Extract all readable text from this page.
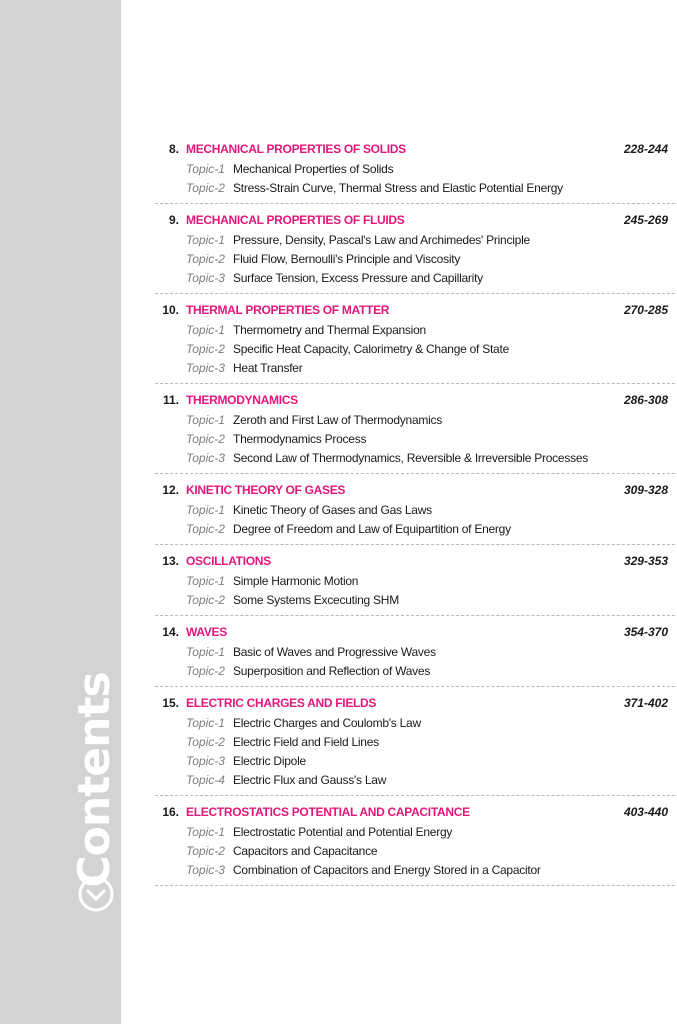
Contents
8. MECHANICAL PROPERTIES OF SOLIDS	228-244
Topic-1 Mechanical Properties of Solids
Topic-2 Stress-Strain Curve, Thermal Stress and Elastic Potential Energy
9. MECHANICAL PROPERTIES OF FLUIDS	245-269
Topic-1 Pressure, Density, Pascal's Law and Archimedes' Principle
Topic-2 Fluid Flow, Bernoulli's Principle and Viscosity
Topic-3 Surface Tension, Excess Pressure and Capillarity
10. THERMAL PROPERTIES OF MATTER	270-285
Topic-1 Thermometry and Thermal Expansion
Topic-2 Specific Heat Capacity, Calorimetry & Change of State
Topic-3 Heat Transfer
11. THERMODYNAMICS	286-308
Topic-1 Zeroth and First Law of Thermodynamics
Topic-2 Thermodynamics Process
Topic-3 Second Law of Thermodynamics, Reversible & Irreversible Processes
12. KINETIC THEORY OF GASES	309-328
Topic-1 Kinetic Theory of Gases and Gas Laws
Topic-2 Degree of Freedom and Law of Equipartition of Energy
13. OSCILLATIONS	329-353
Topic-1 Simple Harmonic Motion
Topic-2 Some Systems Excecuting SHM
14. WAVES	354-370
Topic-1 Basic of Waves and Progressive Waves
Topic-2 Superposition and Reflection of Waves
15. ELECTRIC CHARGES AND FIELDS	371-402
Topic-1 Electric Charges and Coulomb's Law
Topic-2 Electric Field and Field Lines
Topic-3 Electric Dipole
Topic-4 Electric Flux and Gauss's Law
16. ELECTROSTATICS POTENTIAL AND CAPACITANCE	403-440
Topic-1 Electrostatic Potential and Potential Energy
Topic-2 Capacitors and Capacitance
Topic-3 Combination of Capacitors and Energy Stored in a Capacitor
